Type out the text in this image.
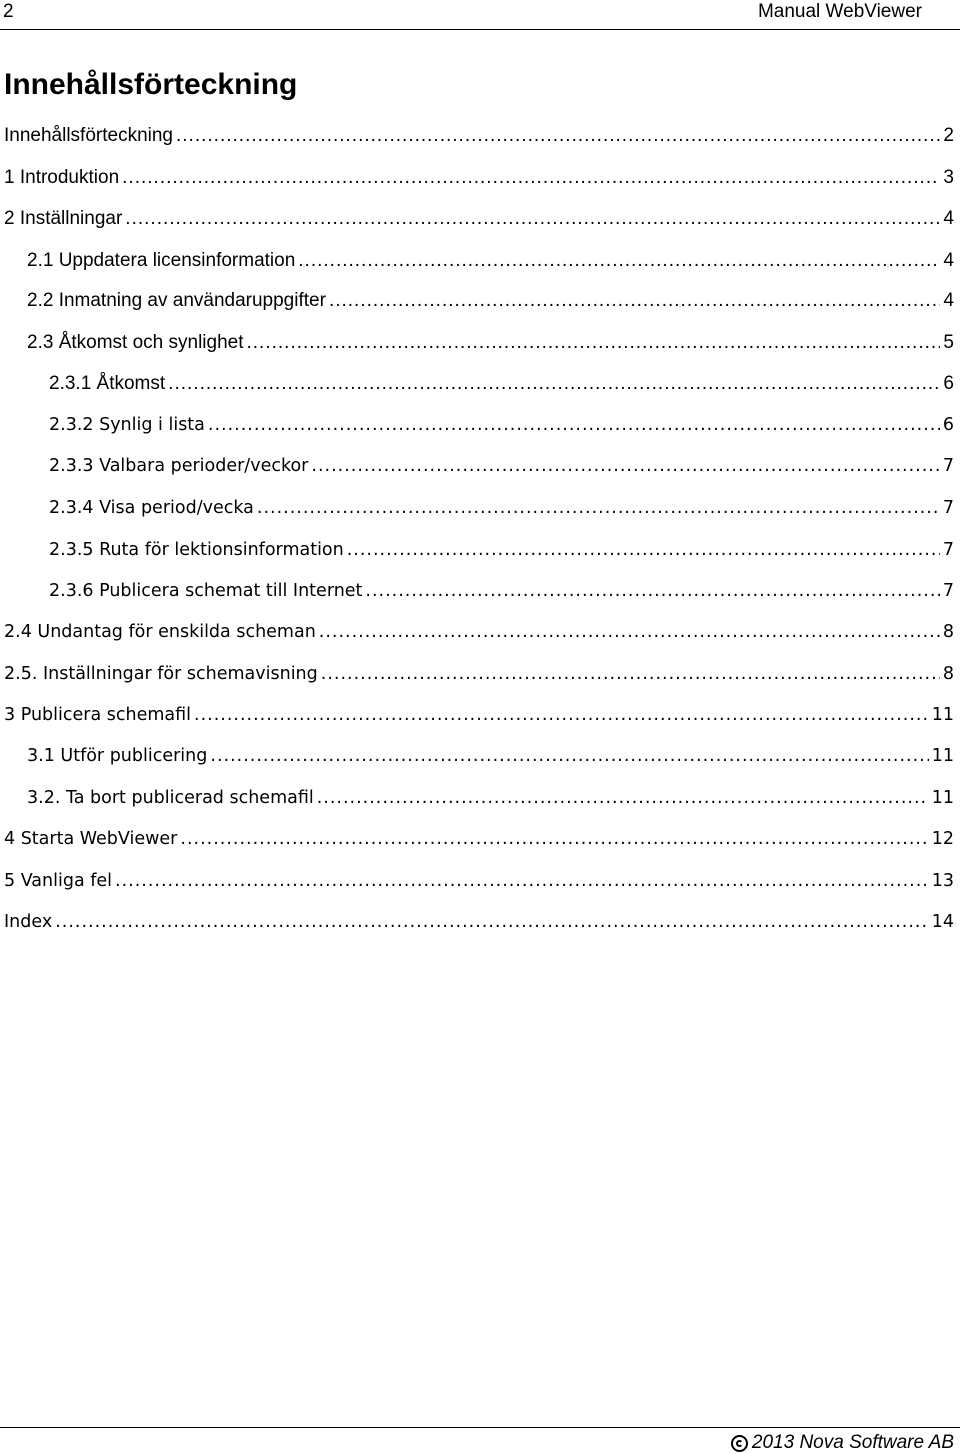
2	Manual WebViewer
Innehållsförteckning
Innehållsförteckning .....	2
1 Introduktion .....	3
2 Inställningar .....	4
2.1 Uppdatera licensinformation .....	4
2.2 Inmatning av användaruppgifter .....	4
2.3 Åtkomst och synlighet .....	5
2.3.1 Åtkomst .....	6
2.3.2 Synlig i lista .....	6
2.3.3 Valbara perioder/veckor .....	7
2.3.4 Visa period/vecka .....	7
2.3.5 Ruta för lektionsinformation .....	7
2.3.6 Publicera schemat till Internet .....	7
2.4 Undantag för enskilda scheman .....	8
2.5. Inställningar för schemavisning .....	8
3 Publicera schemafil .....	11
3.1 Utför publicering .....	11
3.2. Ta bort publicerad schemafil .....	11
4 Starta WebViewer .....	12
5 Vanliga fel .....	13
Index .....	14
2013 Nova Software AB
